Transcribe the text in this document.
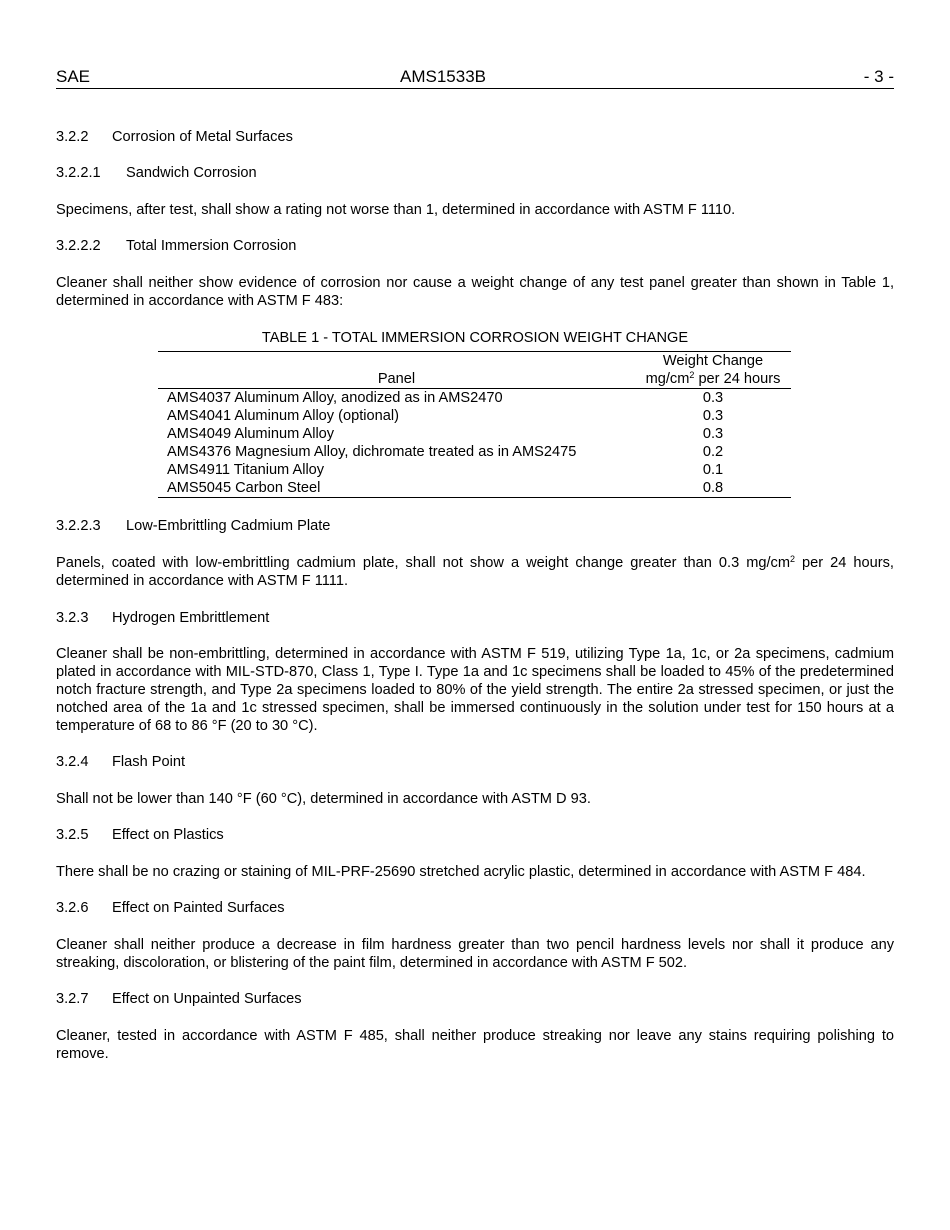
SAE	AMS1533B	- 3 -
3.2.2 Corrosion of Metal Surfaces
3.2.2.1 Sandwich Corrosion
Specimens, after test, shall show a rating not worse than 1, determined in accordance with ASTM F 1110.
3.2.2.2 Total Immersion Corrosion
Cleaner shall neither show evidence of corrosion nor cause a weight change of any test panel greater than shown in Table 1, determined in accordance with ASTM F 483:
TABLE 1 - TOTAL IMMERSION CORROSION WEIGHT CHANGE
Panel	Weight Change
$mg/cm^2$ per 24 hours
AMS4037 Aluminum Alloy, anodized as in AMS2470	0.3
AMS4041 Aluminum Alloy (optional)	0.3
AMS4049 Aluminum Alloy	0.3
AMS4376 Magnesium Alloy, dichromate treated as in AMS2475	0.2
AMS4911 Titanium Alloy	0.1
AMS5045 Carbon Steel	0.8
3.2.2.3 Low-Embrittling Cadmium Plate
Panels, coated with low-embrittling cadmium plate, shall not show a weight change greater than 0.3 $mg/cm^2$ per 24 hours, determined in accordance with ASTM F 1111.
3.2.3 Hydrogen Embrittlement
Cleaner shall be non-embrittling, determined in accordance with ASTM F 519, utilizing Type 1a, 1c, or 2a specimens, cadmium plated in accordance with MIL-STD-870, Class 1, Type I. Type 1a and 1c specimens shall be loaded to 45% of the predetermined notch fracture strength, and Type 2a specimens loaded to 80% of the yield strength. The entire 2a stressed specimen, or just the notched area of the 1a and 1c stressed specimen, shall be immersed continuously in the solution under test for 150 hours at a temperature of 68 to 86 °F (20 to 30 °C).
3.2.4 Flash Point
Shall not be lower than 140 °F (60 °C), determined in accordance with ASTM D 93.
3.2.5 Effect on Plastics
There shall be no crazing or staining of MIL-PRF-25690 stretched acrylic plastic, determined in accordance with ASTM F 484.
3.2.6 Effect on Painted Surfaces
Cleaner shall neither produce a decrease in film hardness greater than two pencil hardness levels nor shall it produce any streaking, discoloration, or blistering of the paint film, determined in accordance with ASTM F 502.
3.2.7 Effect on Unpainted Surfaces
Cleaner, tested in accordance with ASTM F 485, shall neither produce streaking nor leave any stains requiring polishing to remove.
